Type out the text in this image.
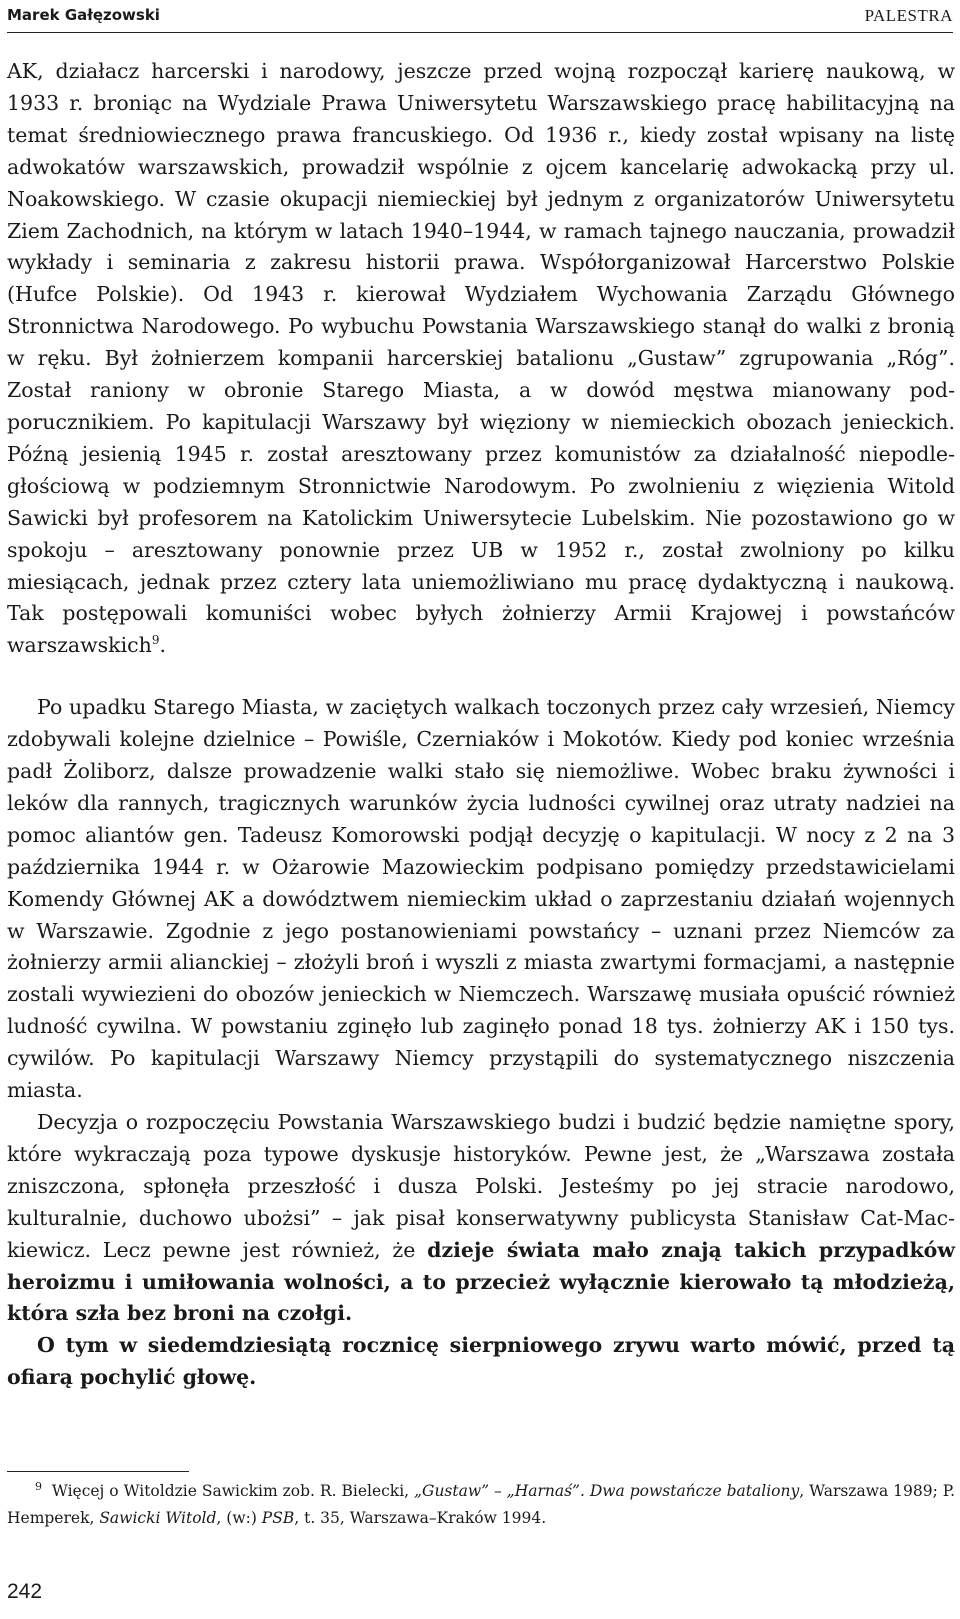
Marek Gałęzowski	PALESTRA

AK, działacz harcerski i narodowy, jeszcze przed wojną rozpoczął karierę naukową, w 1933 r. broniąc na Wydziale Prawa Uniwersytetu Warszawskiego pracę habilitacyjną na temat średniowiecznego prawa francuskiego. Od 1936 r., kiedy został wpisany na listę adwokatów warszawskich, prowadził wspólnie z ojcem kancelarię adwokacką przy ul. Noakowskiego. W czasie okupacji niemieckiej był jednym z organizatorów Uniwersytetu Ziem Zachodnich, na którym w latach 1940–1944, w ramach tajnego nauczania, prowadził wykłady i seminaria z zakresu historii prawa. Współorganizował Harcerstwo Polskie (Hufce Polskie). Od 1943 r. kierował Wydziałem Wychowania Zarządu Głównego Stronnictwa Narodowego. Po wybuchu Powstania Warszawskiego stanął do walki z bronią w ręku. Był żołnierzem kompanii harcerskiej batalionu „Gustaw” zgrupowania „Róg”. Został raniony w obronie Starego Miasta, a w dowód męstwa mianowany podporucznikiem. Po kapitulacji Warszawy był więziony w niemieckich obozach jenieckich. Późną jesienią 1945 r. został aresztowany przez komunistów za działalność niepodległościową w podziemnym Stronnictwie Narodowym. Po zwolnieniu z więzienia Witold Sawicki był profesorem na Katolickim Uniwersytecie Lubelskim. Nie pozostawiono go w spokoju – aresztowany ponownie przez UB w 1952 r., został zwolniony po kilku miesiącach, jednak przez cztery lata uniemożliwiano mu pracę dydaktyczną i naukową. Tak postępowali komuniści wobec byłych żołnierzy Armii Krajowej i powstańców warszawskich$^9$.

Po upadku Starego Miasta, w zaciętych walkach toczonych przez cały wrzesień, Niemcy zdobywali kolejne dzielnice – Powiśle, Czerniaków i Mokotów. Kiedy pod koniec września padł Żoliborz, dalsze prowadzenie walki stało się niemożliwe. Wobec braku żywności i leków dla rannych, tragicznych warunków życia ludności cywilnej oraz utraty nadziei na pomoc aliantów gen. Tadeusz Komorowski podjął decyzję o kapitulacji. W nocy z 2 na 3 października 1944 r. w Ożarowie Mazowieckim podpisano pomiędzy przedstawicielami Komendy Głównej AK a dowództwem niemieckim układ o zaprzestaniu działań wojennych w Warszawie. Zgodnie z jego postanowieniami powstańcy – uznani przez Niemców za żołnierzy armii alianckiej – złożyli broń i wyszli z miasta zwartymi formacjami, a następnie zostali wywiezieni do obozów jenieckich w Niemczech. Warszawę musiała opuścić również ludność cywilna. W powstaniu zginęło lub zaginęło ponad 18 tys. żołnierzy AK i 150 tys. cywilów. Po kapitulacji Warszawy Niemcy przystąpili do systematycznego niszczenia miasta.

Decyzja o rozpoczęciu Powstania Warszawskiego budzi i budzić będzie namiętne spory, które wykraczają poza typowe dyskusje historyków. Pewne jest, że „Warszawa została zniszczona, spłonęła przeszłość i dusza Polski. Jesteśmy po jej stracie narodowo, kulturalnie, duchowo ubożsi” – jak pisał konserwatywny publicysta Stanisław Cat-Mackiewicz. Lecz pewne jest również, że dzieje świata mało znają takich przypadków heroizmu i umiłowania wolności, a to przecież wyłącznie kierowało tą młodzieżą, która szła bez broni na czołgi.

O tym w siedemdziesiątą rocznicę sierpniowego zrywu warto mówić, przed tą ofiarą pochylić głowę.

$^9$ Więcej o Witoldzie Sawickim zob. R. Bielecki, „Gustaw” – „Harnaś”. Dwa powstańcze bataliony, Warszawa 1989; P. Hemperek, Sawicki Witold, (w:) PSB, t. 35, Warszawa–Kraków 1994.

242
